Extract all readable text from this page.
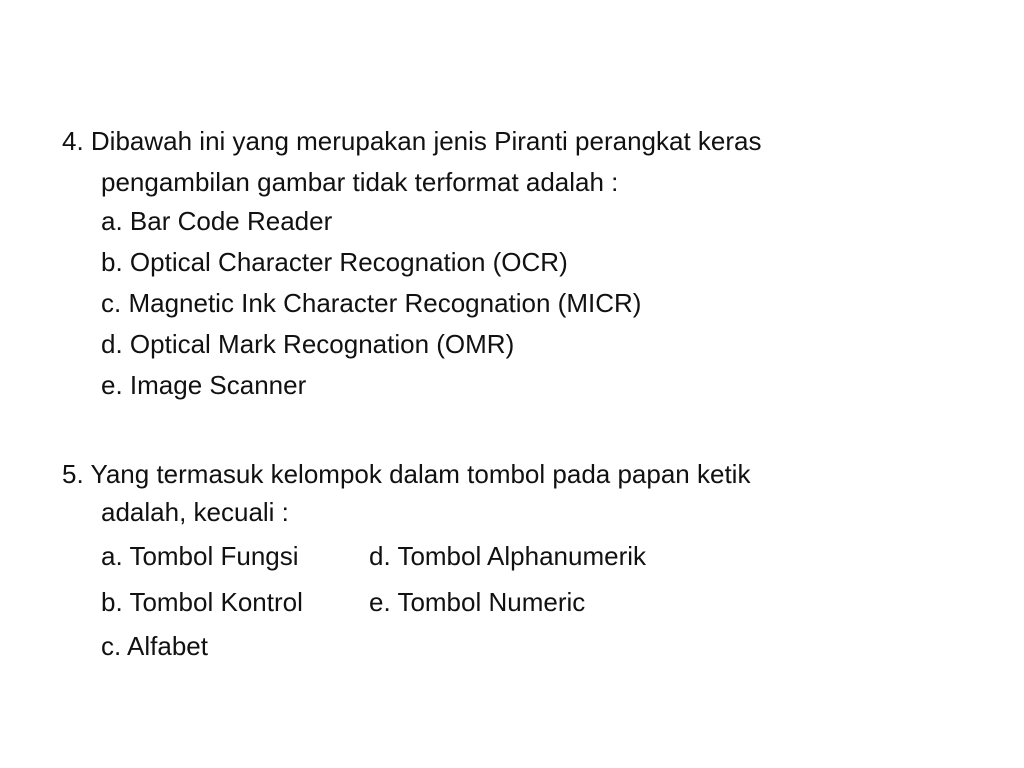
4. Dibawah ini yang merupakan jenis Piranti perangkat keras
pengambilan gambar tidak terformat adalah :
a. Bar Code Reader
b. Optical Character Recognation (OCR)
c. Magnetic Ink Character Recognation (MICR)
d. Optical Mark Recognation (OMR)
e. Image Scanner
5. Yang termasuk kelompok dalam tombol pada papan ketik
adalah, kecuali :
a. Tombol Fungsi	d. Tombol Alphanumerik
b. Tombol Kontrol	e. Tombol Numeric
c. Alfabet
